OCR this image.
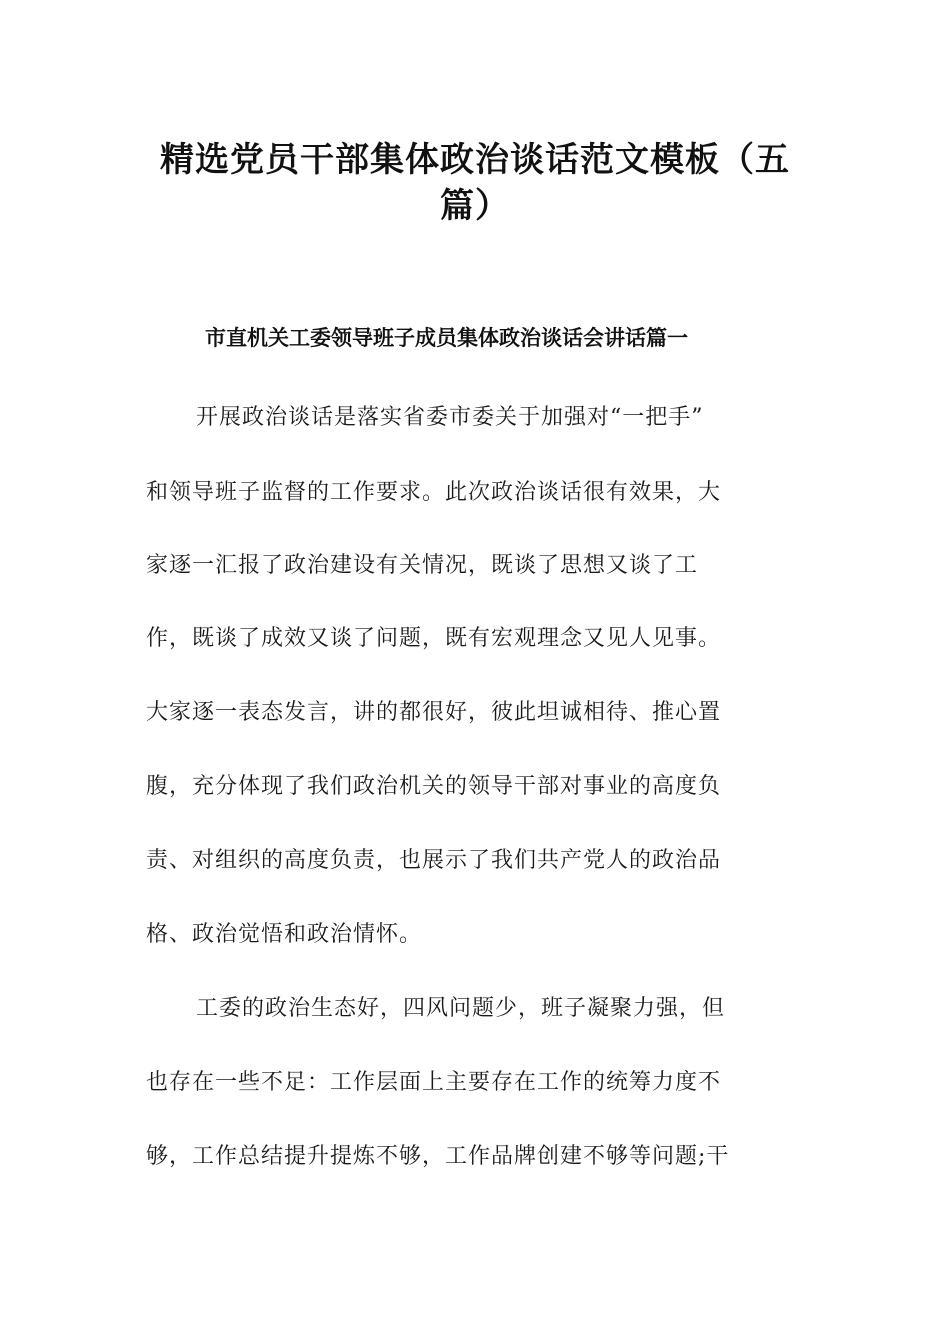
精选党员干部集体政治谈话范文模板（五
篇）
市直机关工委领导班子成员集体政治谈话会讲话篇一
开展政治谈话是落实省委市委关于加强对“一把手”
和领导班子监督的工作要求。此次政治谈话很有效果，大
家逐一汇报了政治建设有关情况，既谈了思想又谈了工
作，既谈了成效又谈了问题，既有宏观理念又见人见事。
大家逐一表态发言，讲的都很好，彼此坦诚相待、推心置
腹，充分体现了我们政治机关的领导干部对事业的高度负
责、对组织的高度负责，也展示了我们共产党人的政治品
格、政治觉悟和政治情怀。
工委的政治生态好，四风问题少，班子凝聚力强，但
也存在一些不足：工作层面上主要存在工作的统筹力度不
够，工作总结提升提炼不够，工作品牌创建不够等问题;干
